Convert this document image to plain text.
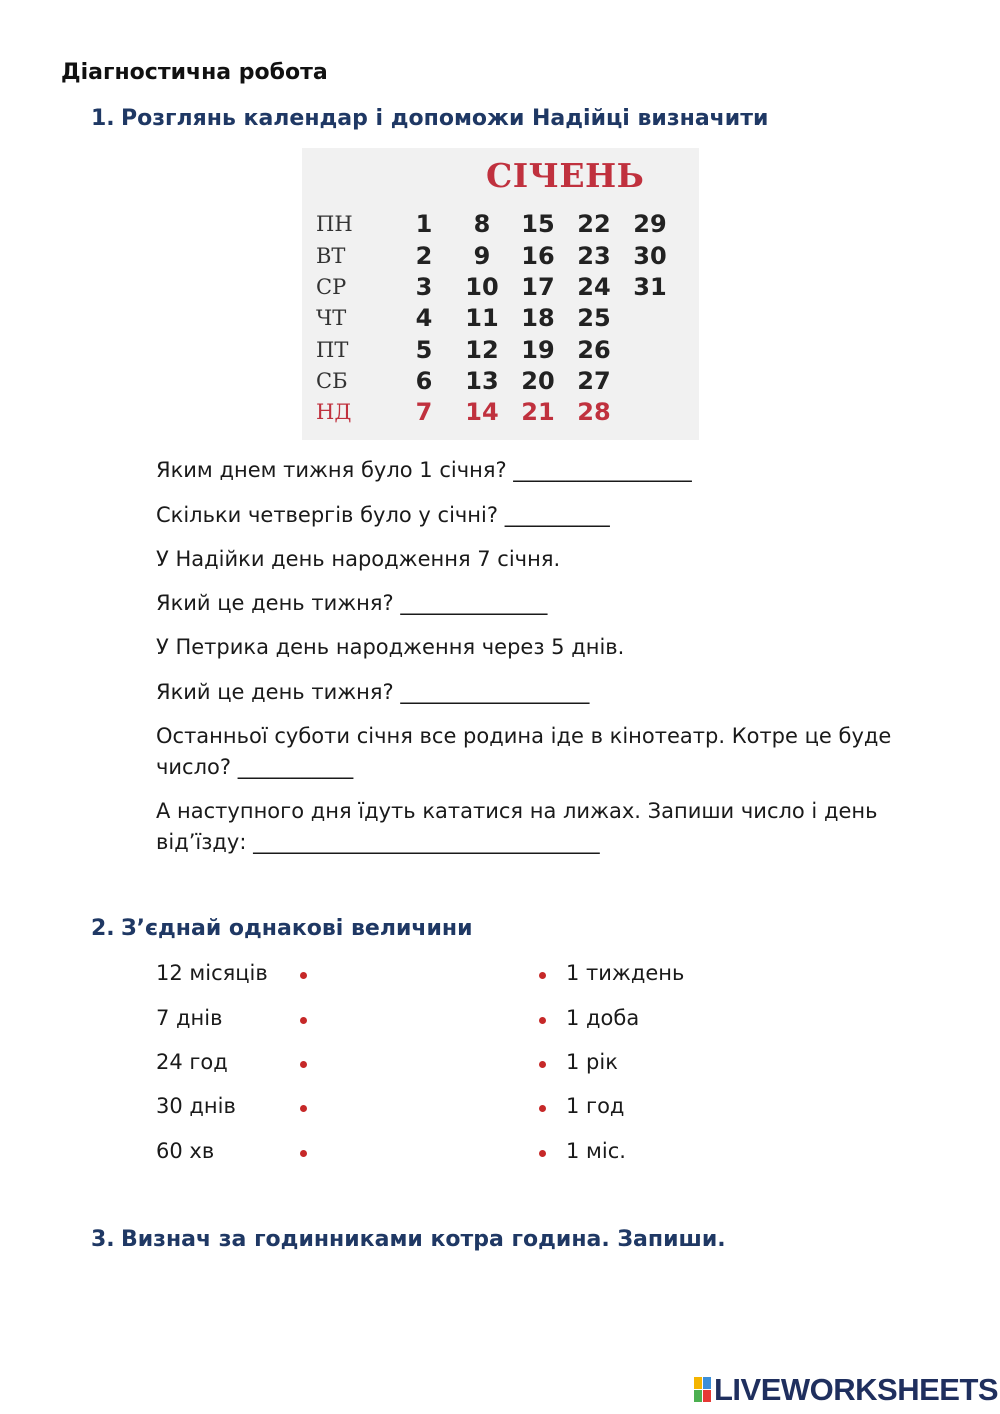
Діагностична робота
1. Розглянь календар і допоможи Надійці визначити
СІЧЕНЬ
ПН	1	8	15 22 29
ВТ	2	9	16 23 30
СР	3	10 17 24 31
ЧТ	4	11 18 25
ПТ	5	12 19 26
СБ	6	13 20 27
НД	7	14 21 28
Яким днем тижня було 1 січня? _________________
Скільки четвергів було у січні? __________
У Надійки день народження 7 січня.
Який це день тижня? ______________
У Петрика день народження через 5 днів.
Який це день тижня? __________________
Останньої суботи січня все родина іде в кінотеатр. Котре це буде число? ___________
А наступного дня їдуть кататися на лижах. Запиши число і день від’їзду: _________________________________
2. З’єднай однакові величини
12 місяців	1 тиждень
7 днів	1 доба
24 год	1 рік
30 днів	1 год
60 хв	1 міс.
3. Визнач за годинниками котра година. Запиши.
LIVEWORKSHEETS
